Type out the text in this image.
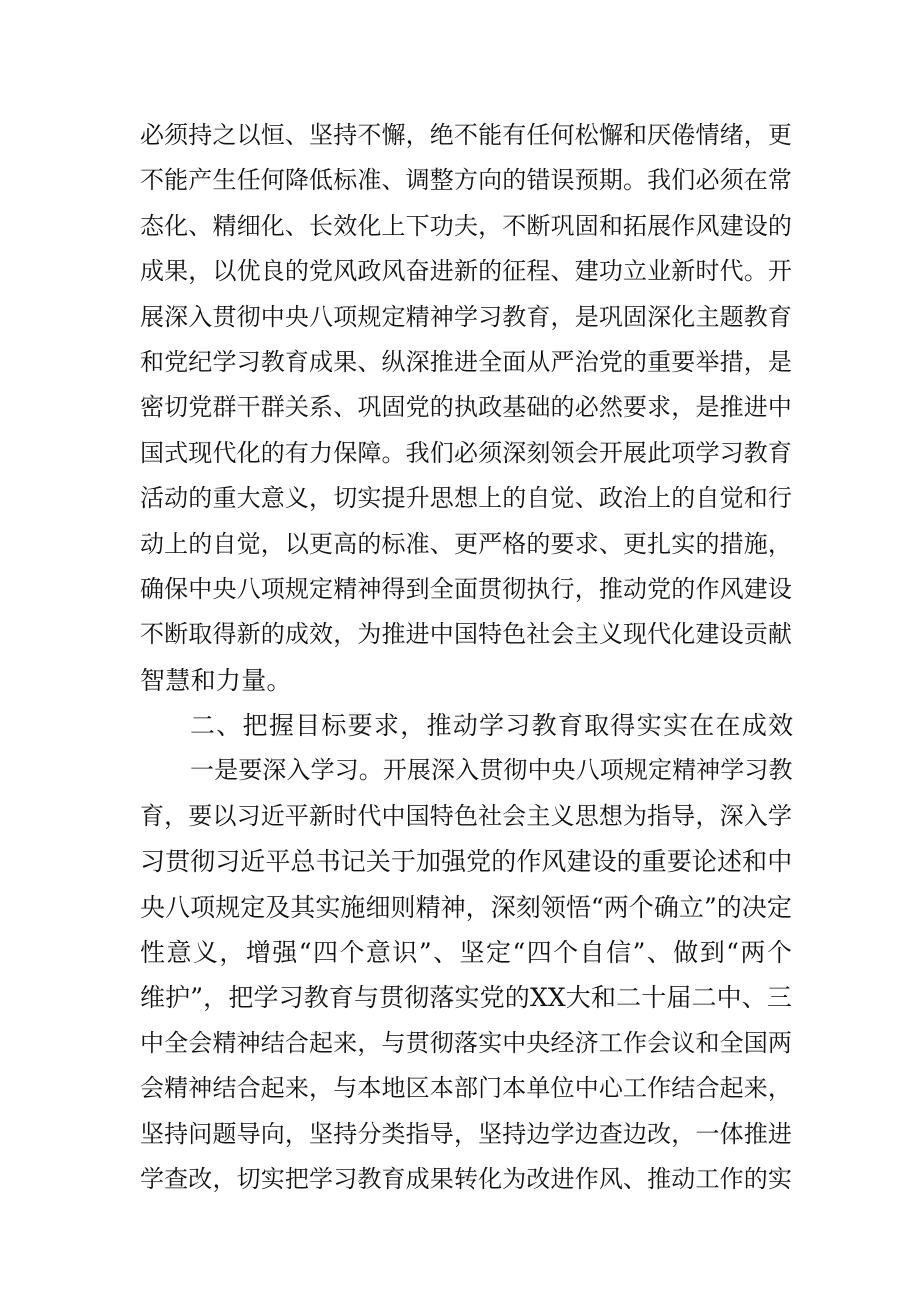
必须持之以恒、坚持不懈，绝不能有任何松懈和厌倦情绪，更
不能产生任何降低标准、调整方向的错误预期。我们必须在常
态化、精细化、长效化上下功夫，不断巩固和拓展作风建设的
成果，以优良的党风政风奋进新的征程、建功立业新时代。开
展深入贯彻中央八项规定精神学习教育，是巩固深化主题教育
和党纪学习教育成果、纵深推进全面从严治党的重要举措，是
密切党群干群关系、巩固党的执政基础的必然要求，是推进中
国式现代化的有力保障。我们必须深刻领会开展此项学习教育
活动的重大意义，切实提升思想上的自觉、政治上的自觉和行
动上的自觉，以更高的标准、更严格的要求、更扎实的措施，
确保中央八项规定精神得到全面贯彻执行，推动党的作风建设
不断取得新的成效，为推进中国特色社会主义现代化建设贡献
智慧和力量。
二、把握目标要求，推动学习教育取得实实在在成效
一是要深入学习。开展深入贯彻中央八项规定精神学习教
育，要以习近平新时代中国特色社会主义思想为指导，深入学
习贯彻习近平总书记关于加强党的作风建设的重要论述和中
央八项规定及其实施细则精神，深刻领悟“两个确立”的决定
性意义，增强“四个意识”、坚定“四个自信”、做到“两个
维护”，把学习教育与贯彻落实党的XX大和二十届二中、三
中全会精神结合起来，与贯彻落实中央经济工作会议和全国两
会精神结合起来，与本地区本部门本单位中心工作结合起来，
坚持问题导向，坚持分类指导，坚持边学边查边改，一体推进
学查改，切实把学习教育成果转化为改进作风、推动工作的实
